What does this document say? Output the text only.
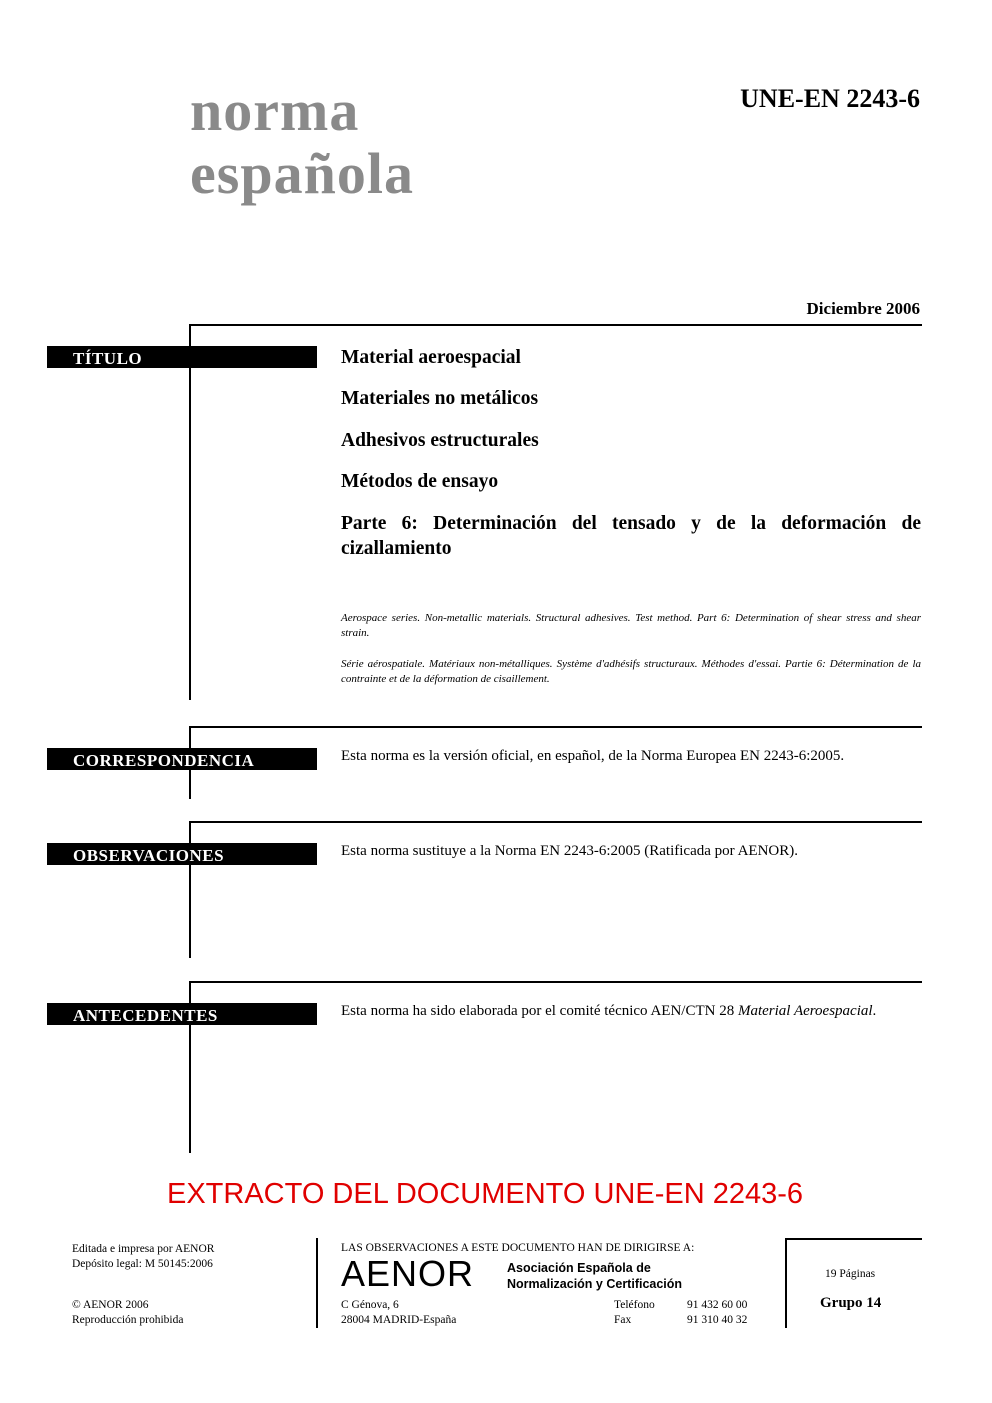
norma
española
UNE-EN 2243-6
Diciembre 2006
TÍTULO	Material aeroespacial
Materiales no metálicos
Adhesivos estructurales
Métodos de ensayo
Parte 6: Determinación del tensado y de la deformación de cizallamiento
Aerospace series. Non-metallic materials. Structural adhesives. Test method. Part 6: Determination of shear stress and shear strain.
Série aérospatiale. Matériaux non-métalliques. Système d'adhésifs structuraux. Méthodes d'essai. Partie 6: Détermination de la contrainte et de la déformation de cisaillement.
CORRESPONDENCIA	Esta norma es la versión oficial, en español, de la Norma Europea EN 2243-6:2005.
OBSERVACIONES	Esta norma sustituye a la Norma EN 2243-6:2005 (Ratificada por AENOR).
ANTECEDENTES	Esta norma ha sido elaborada por el comité técnico AEN/CTN 28 Material Aeroespacial.
EXTRACTO DEL DOCUMENTO UNE-EN 2243-6
Editada e impresa por AENOR
Depósito legal: M 50145:2006
© AENOR 2006
Reproducción prohibida
LAS OBSERVACIONES A ESTE DOCUMENTO HAN DE DIRIGIRSE A:
AENOR	Asociación Española de
Normalización y Certificación
C Génova, 6
28004 MADRID-España
Teléfono	91 432 60 00
Fax	91 310 40 32
19 Páginas
Grupo 14
